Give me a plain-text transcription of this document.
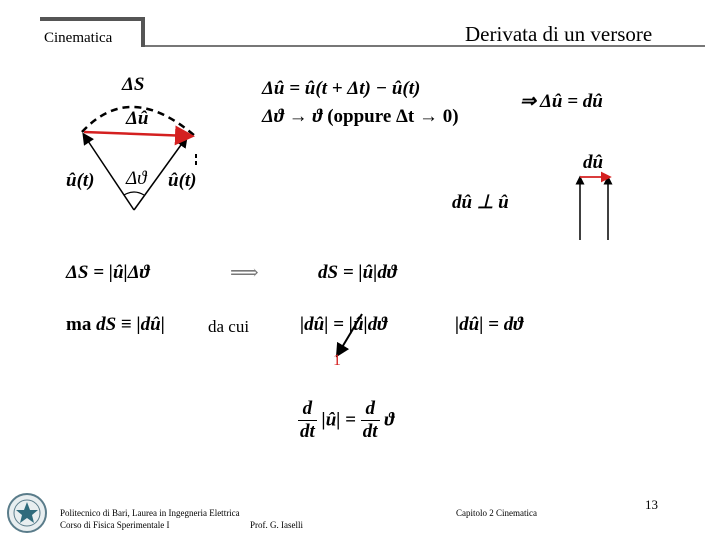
Cinematica	Derivata di un versore
ΔS
Δû
û(t) Δϑ û(t)
Δû = û(t + Δt) − û(t)
Δϑ → ϑ (oppure Δt → 0)
⇒ Δû = dû
dû
dû ⊥ û
ΔS = |û|Δϑ	⟹	dS = |û|dϑ
ma dS ≡ |dû|	da cui	|dû| = |û|dϑ
1
|dû| = dϑ
$\frac{d}{dt}$ |û| = $\frac{d}{dt}$ ϑ
Politecnico di Bari, Laurea in Ingegneria Elettrica
Corso di Fisica Sperimentale I	Prof. G. Iaselli
Capitolo 2 Cinematica
13
